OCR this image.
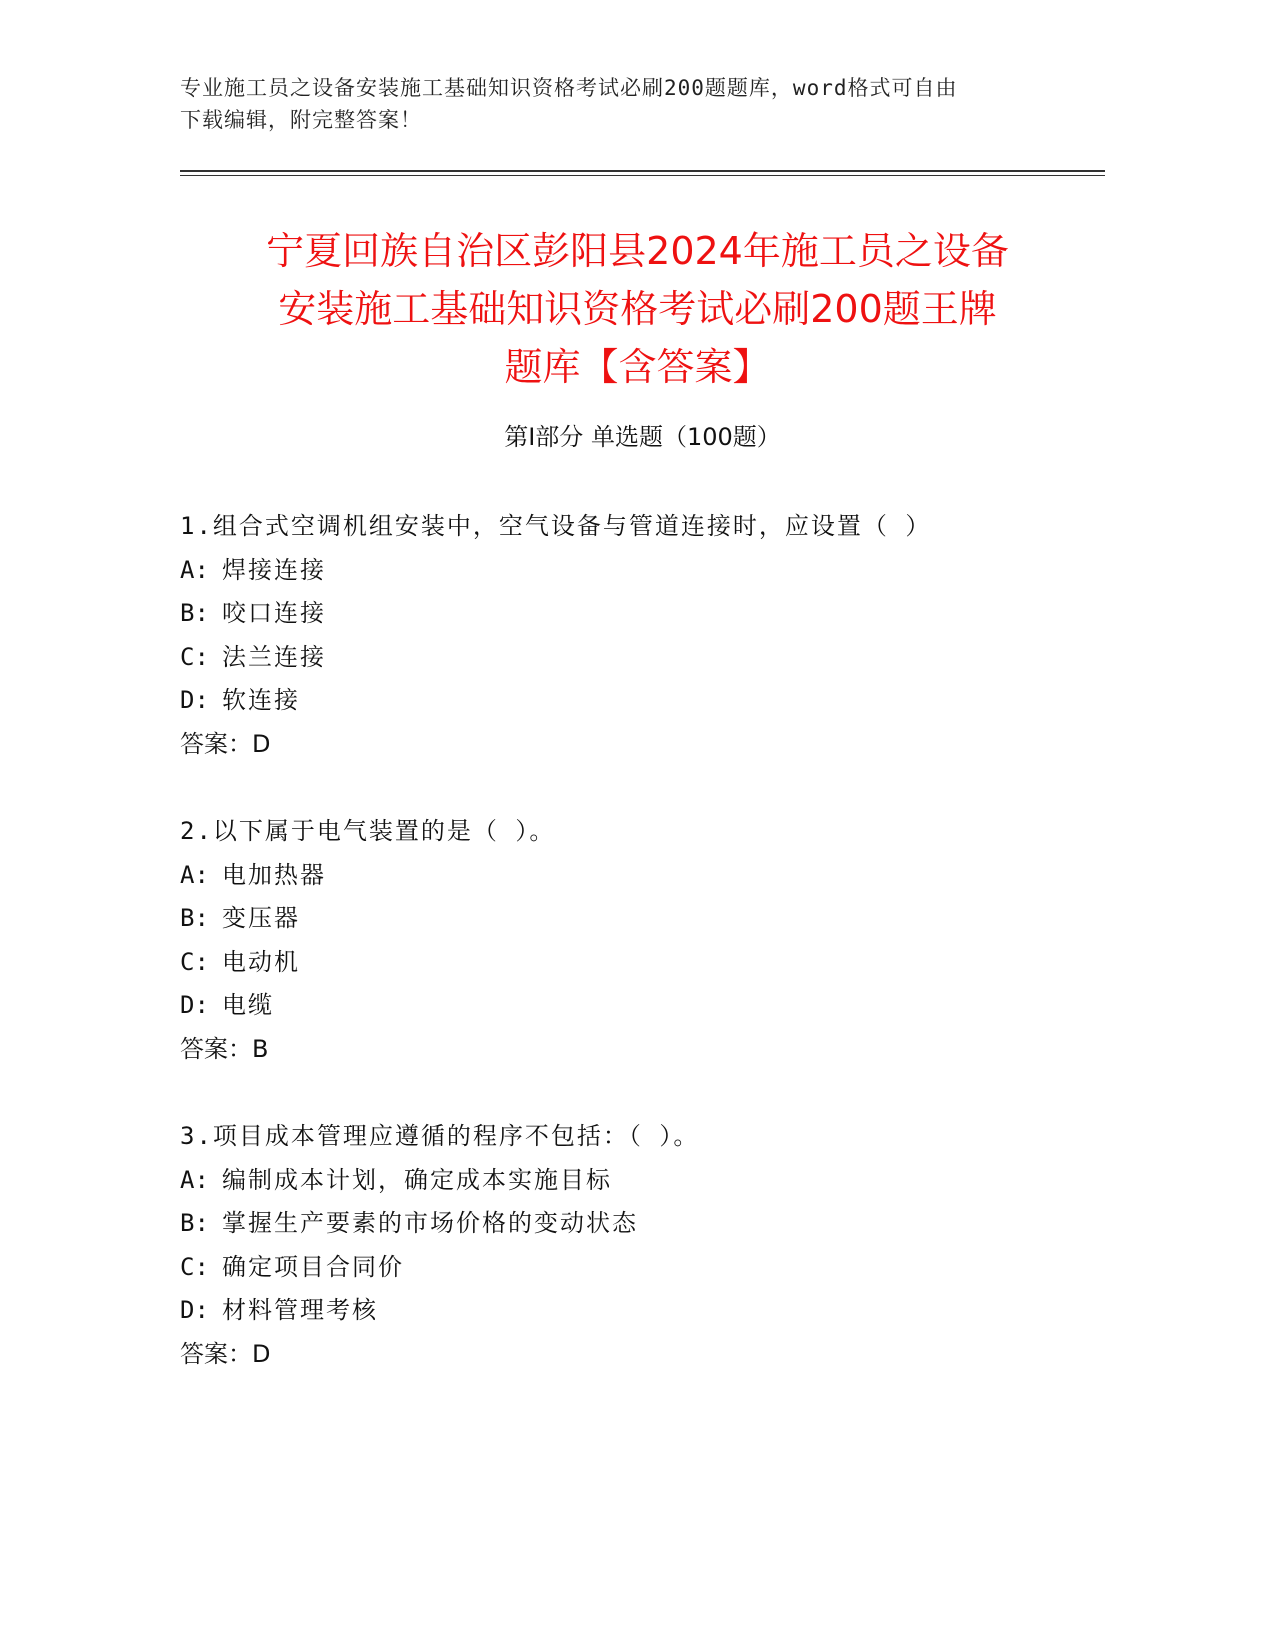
专业施工员之设备安装施工基础知识资格考试必刷200题题库，word格式可自由
下载编辑，附完整答案！
宁夏回族自治区彭阳县2024年施工员之设备
安装施工基础知识资格考试必刷200题王牌
题库【含答案】
第Ⅰ部分 单选题（100题）
1.组合式空调机组安装中，空气设备与管道连接时，应设置（ ）
A: 焊接连接
B: 咬口连接
C: 法兰连接
D: 软连接
答案：D
2.以下属于电气装置的是（ ）。
A: 电加热器
B: 变压器
C: 电动机
D: 电缆
答案：B
3.项目成本管理应遵循的程序不包括：（ ）。
A: 编制成本计划，确定成本实施目标
B: 掌握生产要素的市场价格的变动状态
C: 确定项目合同价
D: 材料管理考核
答案：D
